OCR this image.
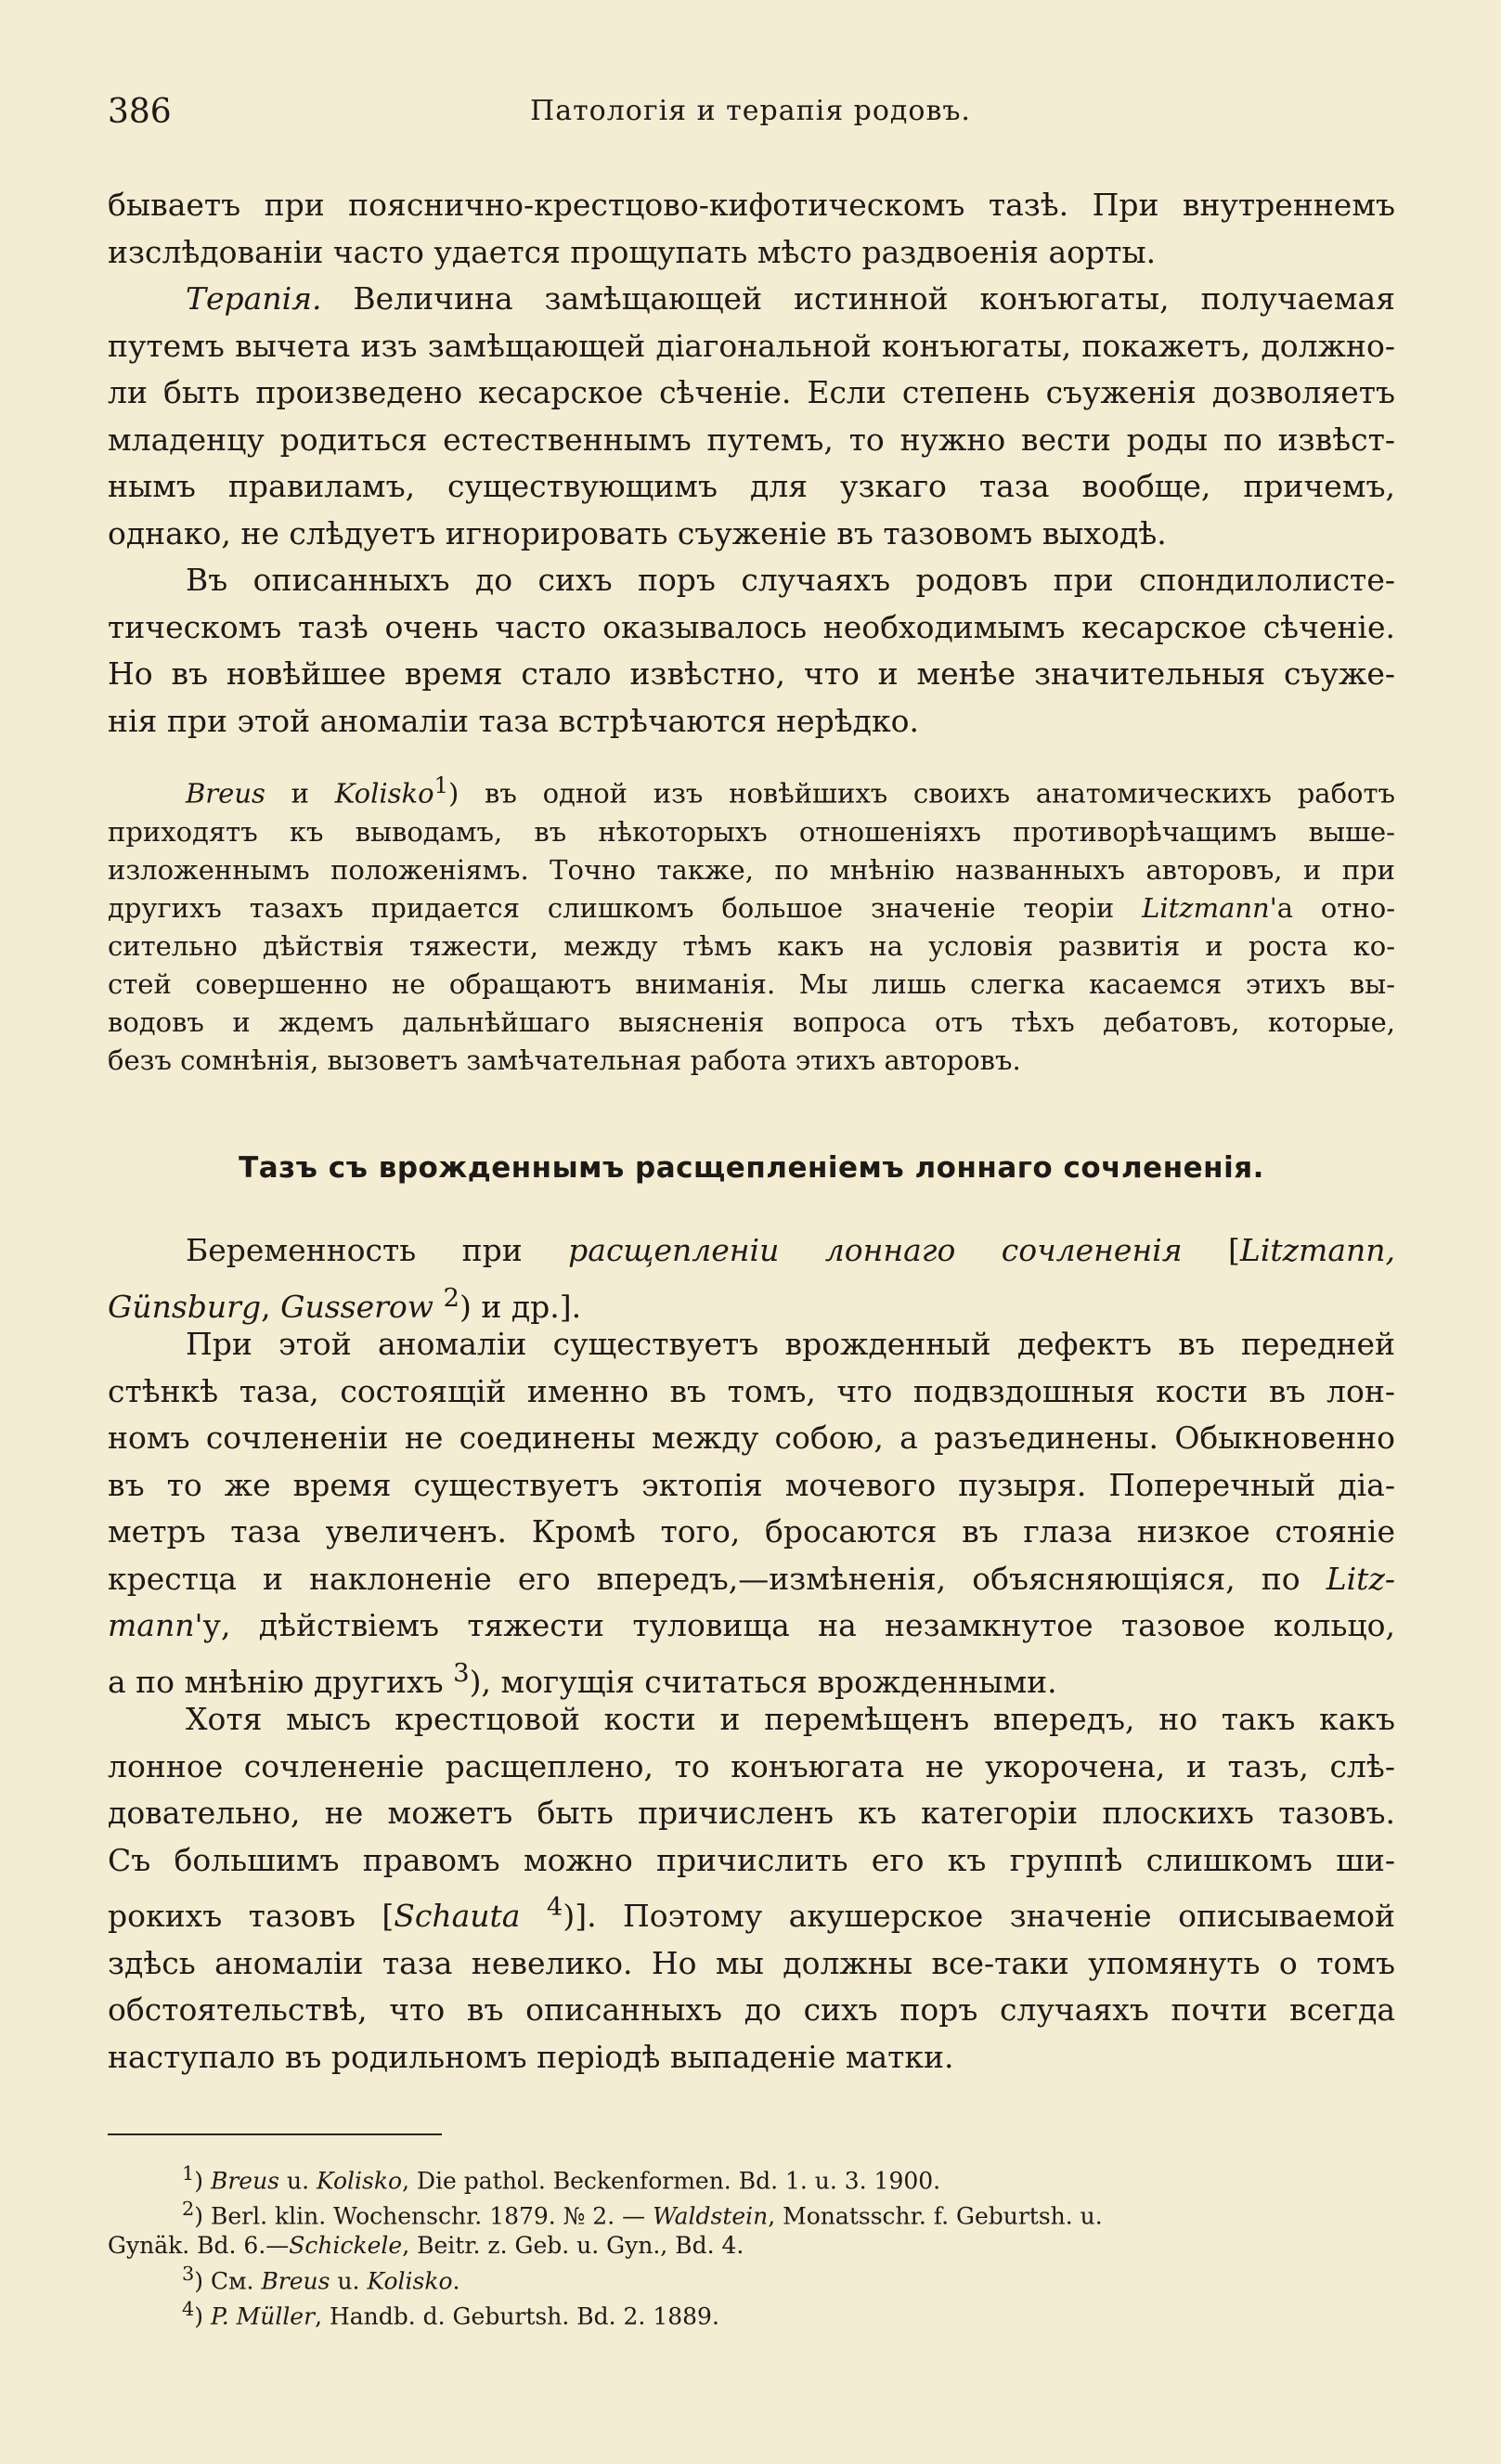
386	Патологія и терапія родовъ.
бываетъ при пояснично-крестцово-кифотическомъ тазѣ. При внутреннемъ
изслѣдованіи часто удается прощупать мѣсто раздвоенія аорты.
Терапія. Величина замѣщающей истинной конъюгаты, получаемая
путемъ вычета изъ замѣщающей діагональной конъюгаты, покажетъ, должно-
ли быть произведено кесарское сѣченіе. Если степень съуженія дозволяетъ
младенцу родиться естественнымъ путемъ, то нужно вести роды по извѣст-
нымъ правиламъ, существующимъ для узкаго таза вообще, причемъ,
однако, не слѣдуетъ игнорировать съуженіе въ тазовомъ выходѣ.
Въ описанныхъ до сихъ поръ случаяхъ родовъ при спондилолисте-
тическомъ тазѣ очень часто оказывалось необходимымъ кесарское сѣченіе.
Но въ новѣйшее время стало извѣстно, что и менѣе значительныя съуже-
нія при этой аномаліи таза встрѣчаются нерѣдко.
Breus и Kolisko$^1$) въ одной изъ новѣйшихъ своихъ анатомическихъ работъ
приходятъ къ выводамъ, въ нѣкоторыхъ отношеніяхъ противорѣчащимъ выше-
изложеннымъ положеніямъ. Точно также, по мнѣнію названныхъ авторовъ, и при
другихъ тазахъ придается слишкомъ большое значеніе теоріи Litzmann'а отно-
сительно дѣйствія тяжести, между тѣмъ какъ на условія развитія и роста ко-
стей совершенно не обращаютъ вниманія. Мы лишь слегка касаемся этихъ вы-
водовъ и ждемъ дальнѣйшаго выясненія вопроса отъ тѣхъ дебатовъ, которые,
безъ сомнѣнія, вызоветъ замѣчательная работа этихъ авторовъ.
Тазъ съ врожденнымъ расщепленіемъ лоннаго сочлененія.
Беременность при расщепленіи лоннаго сочлененія [Litzmann,
Günsburg, Gusserow $^2$) и др.].
При этой аномаліи существуетъ врожденный дефектъ въ передней
стѣнкѣ таза, состоящій именно въ томъ, что подвздошныя кости въ лон-
номъ сочлененіи не соединены между собою, а разъединены. Обыкновенно
въ то же время существуетъ эктопія мочевого пузыря. Поперечный діа-
метръ таза увеличенъ. Кромѣ того, бросаются въ глаза низкое стояніе
крестца и наклоненіе его впередъ,—измѣненія, объясняющіяся, по Litz-
mann'у, дѣйствіемъ тяжести туловища на незамкнутое тазовое кольцо,
а по мнѣнію другихъ $^3$), могущія считаться врожденными.
Хотя мысъ крестцовой кости и перемѣщенъ впередъ, но такъ какъ
лонное сочлененіе расщеплено, то конъюгата не укорочена, и тазъ, слѣ-
довательно, не можетъ быть причисленъ къ категоріи плоскихъ тазовъ.
Съ большимъ правомъ можно причислить его къ группѣ слишкомъ ши-
рокихъ тазовъ [Schauta $^4$)]. Поэтому акушерское значеніе описываемой
здѣсь аномаліи таза невелико. Но мы должны все-таки упомянуть о томъ
обстоятельствѣ, что въ описанныхъ до сихъ поръ случаяхъ почти всегда
наступало въ родильномъ періодѣ выпаденіе матки.
$^1$) Breus u. Kolisko, Die pathol. Beckenformen. Bd. 1. u. 3. 1900.
$^2$) Berl. klin. Wochenschr. 1879. № 2. — Waldstein, Monatsschr. f. Geburtsh. u.
Gynäk. Bd. 6.—Schickele, Beitr. z. Geb. u. Gyn., Bd. 4.
$^3$) См. Breus u. Kolisko.
$^4$) P. Müller, Handb. d. Geburtsh. Bd. 2. 1889.
